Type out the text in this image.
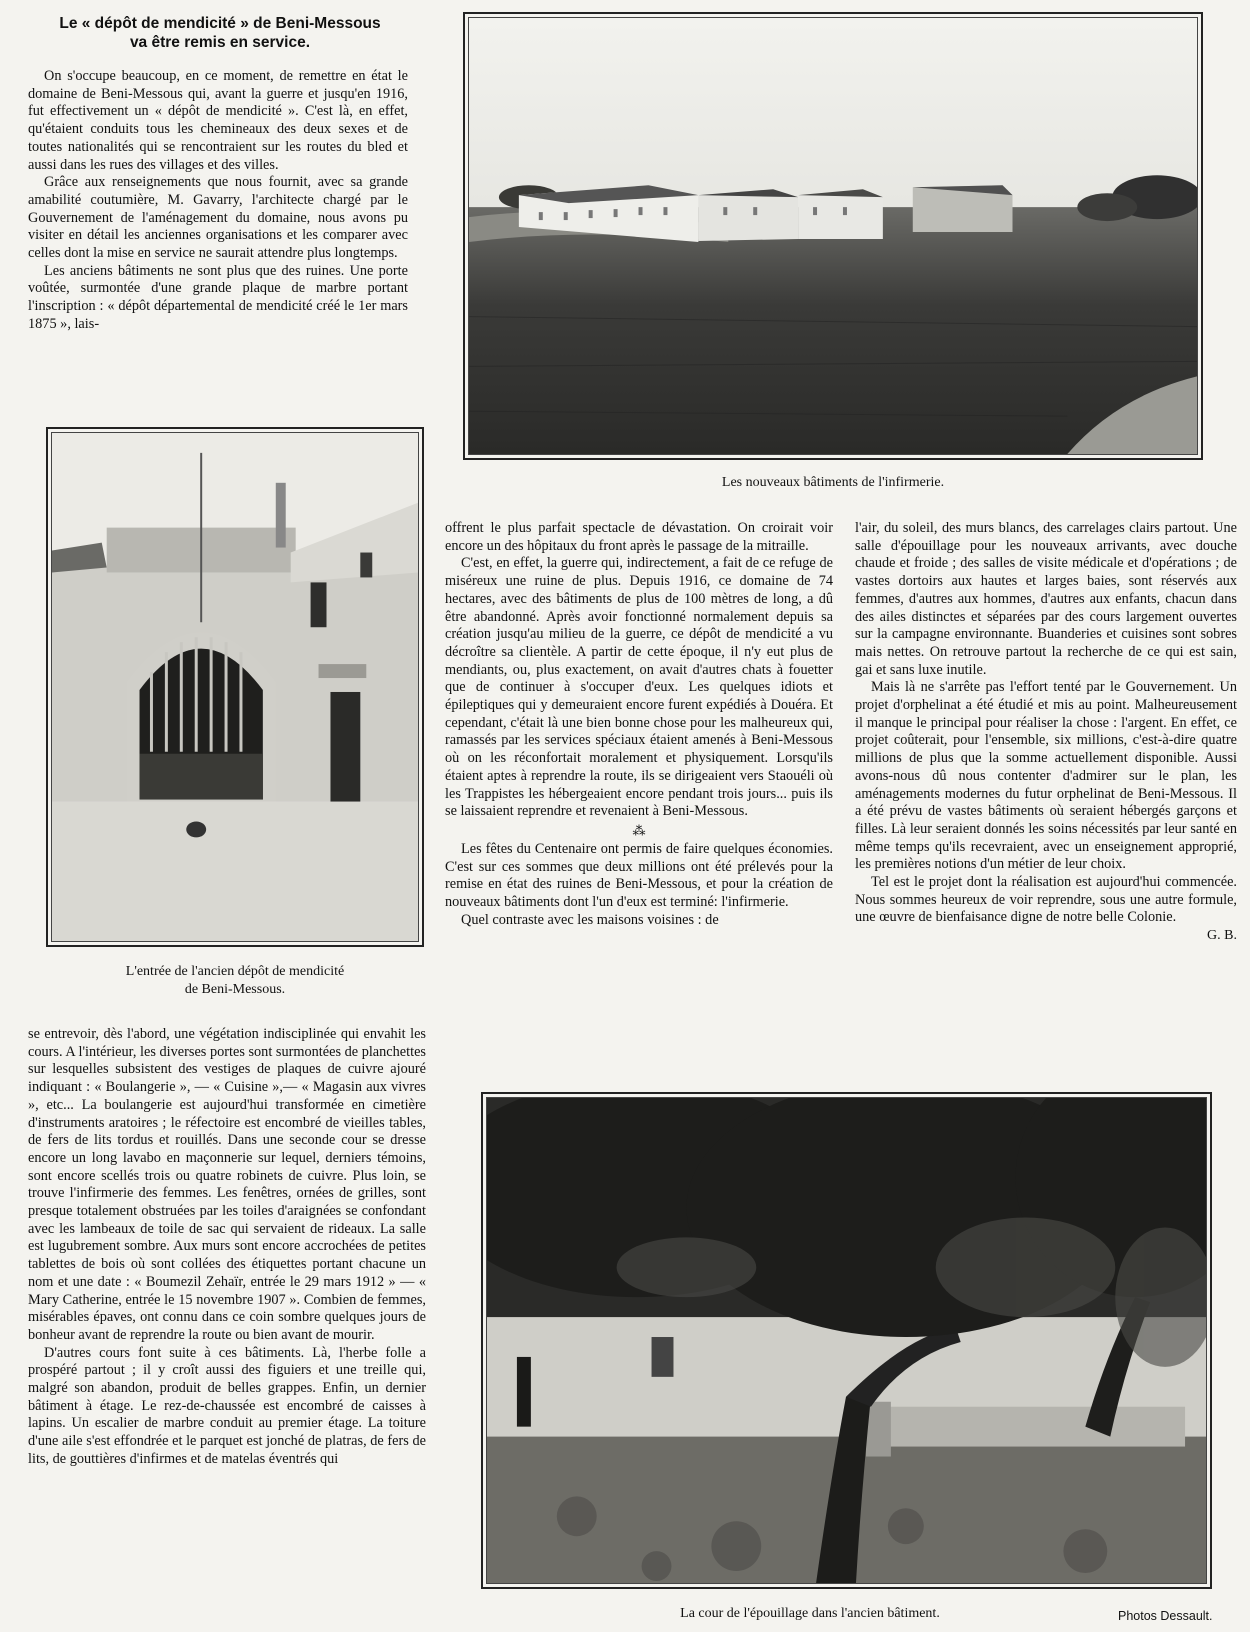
Le « dépôt de mendicité » de Beni-Messous
va être remis en service.

On s'occupe beaucoup, en ce moment, de remettre en état le domaine de Beni-Messous qui, avant la guerre et jusqu'en 1916, fut effectivement un « dépôt de mendicité ». C'est là, en effet, qu'étaient conduits tous les chemineaux des deux sexes et de toutes nationalités qui se rencontraient sur les routes du bled et aussi dans les rues des villages et des villes.

Grâce aux renseignements que nous fournit, avec sa grande amabilité coutumière, M. Gavarry, l'architecte chargé par le Gouvernement de l'aménagement du domaine, nous avons pu visiter en détail les anciennes organisations et les comparer avec celles dont la mise en service ne saurait attendre plus longtemps.

Les anciens bâtiments ne sont plus que des ruines. Une porte voûtée, surmontée d'une grande plaque de marbre portant l'inscription : « dépôt départemental de mendicité créé le 1er mars 1875 », lais-

Les nouveaux bâtiments de l'infirmerie.
L'entrée de l'ancien dépôt de mendicité
de Beni-Messous.

se entrevoir, dès l'abord, une végétation indisciplinée qui envahit les cours. A l'intérieur, les diverses portes sont surmontées de planchettes sur lesquelles subsistent des vestiges de plaques de cuivre ajouré indiquant : « Boulangerie », — « Cuisine »,— « Magasin aux vivres », etc... La boulangerie est aujourd'hui transformée en cimetière d'instruments aratoires ; le réfectoire est encombré de vieilles tables, de fers de lits tordus et rouillés. Dans une seconde cour se dresse encore un long lavabo en maçonnerie sur lequel, derniers témoins, sont encore scellés trois ou quatre robinets de cuivre. Plus loin, se trouve l'infirmerie des femmes. Les fenêtres, ornées de grilles, sont presque totalement obstruées par les toiles d'araignées se confondant avec les lambeaux de toile de sac qui servaient de rideaux. La salle est lugubrement sombre. Aux murs sont encore accrochées de petites tablettes de bois où sont collées des étiquettes portant chacune un nom et une date : « Boumezil Zehaïr, entrée le 29 mars 1912 » — « Mary Catherine, entrée le 15 novembre 1907 ». Combien de femmes, misérables épaves, ont connu dans ce coin sombre quelques jours de bonheur avant de reprendre la route ou bien avant de mourir.

D'autres cours font suite à ces bâtiments. Là, l'herbe folle a prospéré partout ; il y croît aussi des figuiers et une treille qui, malgré son abandon, produit de belles grappes. Enfin, un dernier bâtiment à étage. Le rez-de-chaussée est encombré de caisses à lapins. Un escalier de marbre conduit au premier étage. La toiture d'une aile s'est effondrée et le parquet est jonché de platras, de fers de lits, de gouttières d'infirmes et de matelas éventrés qui

offrent le plus parfait spectacle de dévastation. On croirait voir encore un des hôpitaux du front après le passage de la mitraille.

C'est, en effet, la guerre qui, indirectement, a fait de ce refuge de miséreux une ruine de plus. Depuis 1916, ce domaine de 74 hectares, avec des bâtiments de plus de 100 mètres de long, a dû être abandonné. Après avoir fonctionné normalement depuis sa création jusqu'au milieu de la guerre, ce dépôt de mendicité a vu décroître sa clientèle. A partir de cette époque, il n'y eut plus de mendiants, ou, plus exactement, on avait d'autres chats à fouetter que de continuer à s'occuper d'eux. Les quelques idiots et épileptiques qui y demeuraient encore furent expédiés à Douéra. Et cependant, c'était là une bien bonne chose pour les malheureux qui, ramassés par les services spéciaux étaient amenés à Beni-Messous où on les réconfortait moralement et physiquement. Lorsqu'ils étaient aptes à reprendre la route, ils se dirigeaient vers Staouéli où les Trappistes les hébergeaient encore pendant trois jours... puis ils se laissaient reprendre et revenaient à Beni-Messous.

⁂

Les fêtes du Centenaire ont permis de faire quelques économies. C'est sur ces sommes que deux millions ont été prélevés pour la remise en état des ruines de Beni-Messous, et pour la création de nouveaux bâtiments dont l'un d'eux est terminé: l'infirmerie.

Quel contraste avec les maisons voisines : de

l'air, du soleil, des murs blancs, des carrelages clairs partout. Une salle d'épouillage pour les nouveaux arrivants, avec douche chaude et froide ; des salles de visite médicale et d'opérations ; de vastes dortoirs aux hautes et larges baies, sont réservés aux femmes, d'autres aux hommes, d'autres aux enfants, chacun dans des ailes distinctes et séparées par des cours largement ouvertes sur la campagne environnante. Buanderies et cuisines sont sobres mais nettes. On retrouve partout la recherche de ce qui est sain, gai et sans luxe inutile.

Mais là ne s'arrête pas l'effort tenté par le Gouvernement. Un projet d'orphelinat a été étudié et mis au point. Malheureusement il manque le principal pour réaliser la chose : l'argent. En effet, ce projet coûterait, pour l'ensemble, six millions, c'est-à-dire quatre millions de plus que la somme actuellement disponible. Aussi avons-nous dû nous contenter d'admirer sur le plan, les aménagements modernes du futur orphelinat de Beni-Messous. Il a été prévu de vastes bâtiments où seraient hébergés garçons et filles. Là leur seraient donnés les soins nécessités par leur santé en même temps qu'ils recevraient, avec un enseignement approprié, les premières notions d'un métier de leur choix.

Tel est le projet dont la réalisation est aujourd'hui commencée. Nous sommes heureux de voir reprendre, sous une autre formule, une œuvre de bienfaisance digne de notre belle Colonie.

G. B.
La cour de l'épouillage dans l'ancien bâtiment.	Photos Dessault.
